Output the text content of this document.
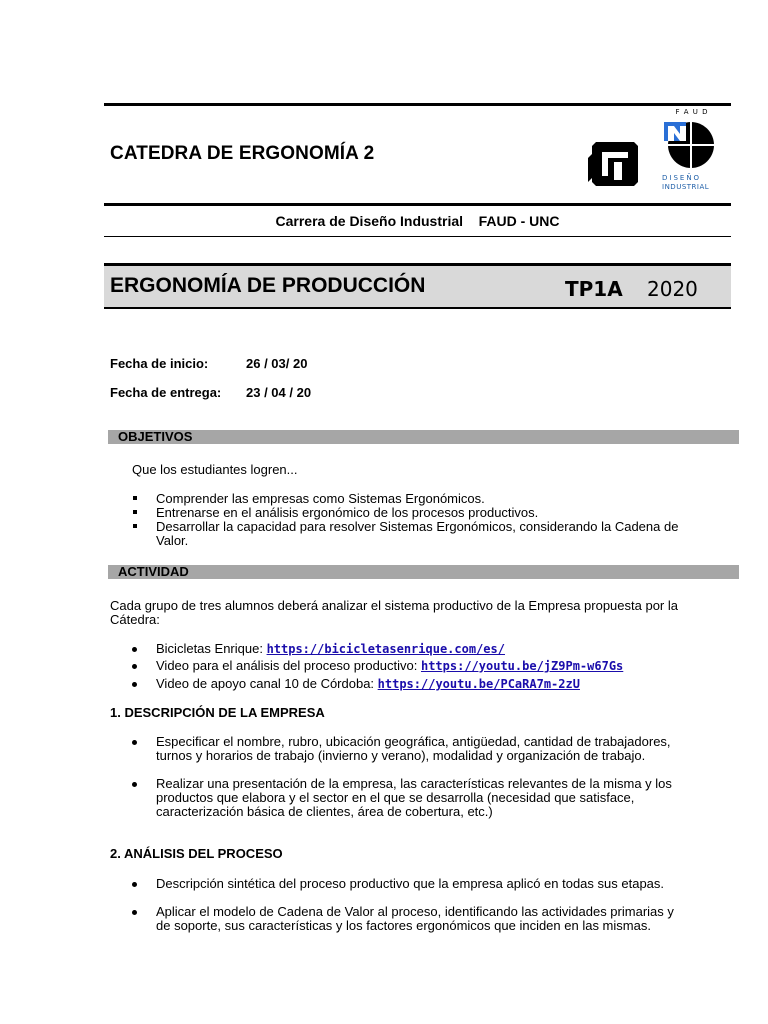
CATEDRA DE ERGONOMÍA 2
F A U D
DISEÑO
INDUSTRIAL
Carrera de Diseño Industrial    FAUD - UNC
ERGONOMÍA DE PRODUCCIÓN	TP1A 2020
Fecha de inicio:	26 / 03/ 20
Fecha de entrega: 23 / 04 / 20
OBJETIVOS
Que los estudiantes logren...
Comprender las empresas como Sistemas Ergonómicos.
Entrenarse en el análisis ergonómico de los procesos productivos.
Desarrollar la capacidad para resolver Sistemas Ergonómicos, considerando la Cadena de
Valor.
ACTIVIDAD
Cada grupo de tres alumnos deberá analizar el sistema productivo de la Empresa propuesta por la
Cátedra:
Bicicletas Enrique: https://bicicletasenrique.com/es/
Video para el análisis del proceso productivo: https://youtu.be/jZ9Pm-w67Gs
Video de apoyo canal 10 de Córdoba: https://youtu.be/PCaRA7m-2zU
1. DESCRIPCIÓN DE LA EMPRESA
Especificar el nombre, rubro, ubicación geográfica, antigüedad, cantidad de trabajadores,
turnos y horarios de trabajo (invierno y verano), modalidad y organización de trabajo.
Realizar una presentación de la empresa, las características relevantes de la misma y los
productos que elabora y el sector en el que se desarrolla (necesidad que satisface,
caracterización básica de clientes, área de cobertura, etc.)
2. ANÁLISIS DEL PROCESO
Descripción sintética del proceso productivo que la empresa aplicó en todas sus etapas.
Aplicar el modelo de Cadena de Valor al proceso, identificando las actividades primarias y
de soporte, sus características y los factores ergonómicos que inciden en las mismas.
